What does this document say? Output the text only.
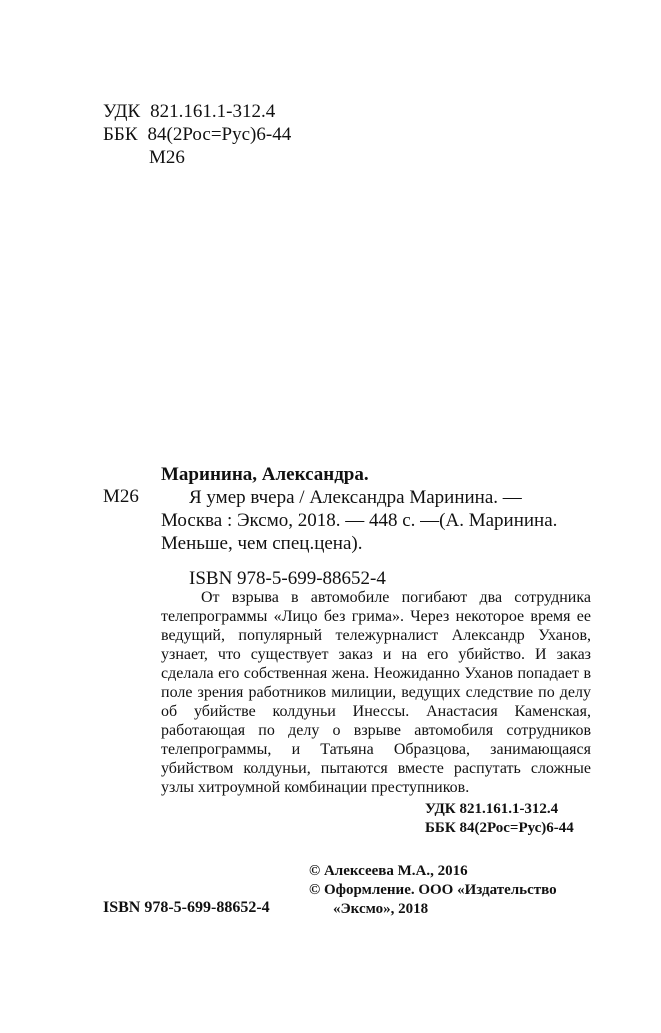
УДК 821.161.1-312.4
ББК 84(2Рос=Рус)6-44
М26
М26
Маринина, Александра.
Я умер вчера / Александра Маринина. —
Москва : Эксмо, 2018. — 448 с. —(А. Маринина.
Меньше, чем спец.цена).
ISBN 978-5-699-88652-4

От взрыва в автомобиле погибают два сотрудника телепрограммы «Лицо без грима». Через некоторое время ее ведущий, популярный тележурналист Александр Уханов, узнает, что существует заказ и на его убийство. И заказ сделала его собственная жена. Неожиданно Уханов попадает в поле зрения работников милиции, ведущих следствие по делу об убийстве колдуньи Инессы. Анастасия Каменская, работающая по делу о взрыве автомобиля сотрудников телепрограммы, и Татьяна Образцова, занимающаяся убийством колдуньи, пытаются вместе распутать сложные узлы хитроумной комбинации преступников.

УДК 821.161.1-312.4
ББК 84(2Рос=Рус)6-44
© Алексеева М.А., 2016
© Оформление. ООО «Издательство
«Эксмо», 2018
ISBN 978-5-699-88652-4
